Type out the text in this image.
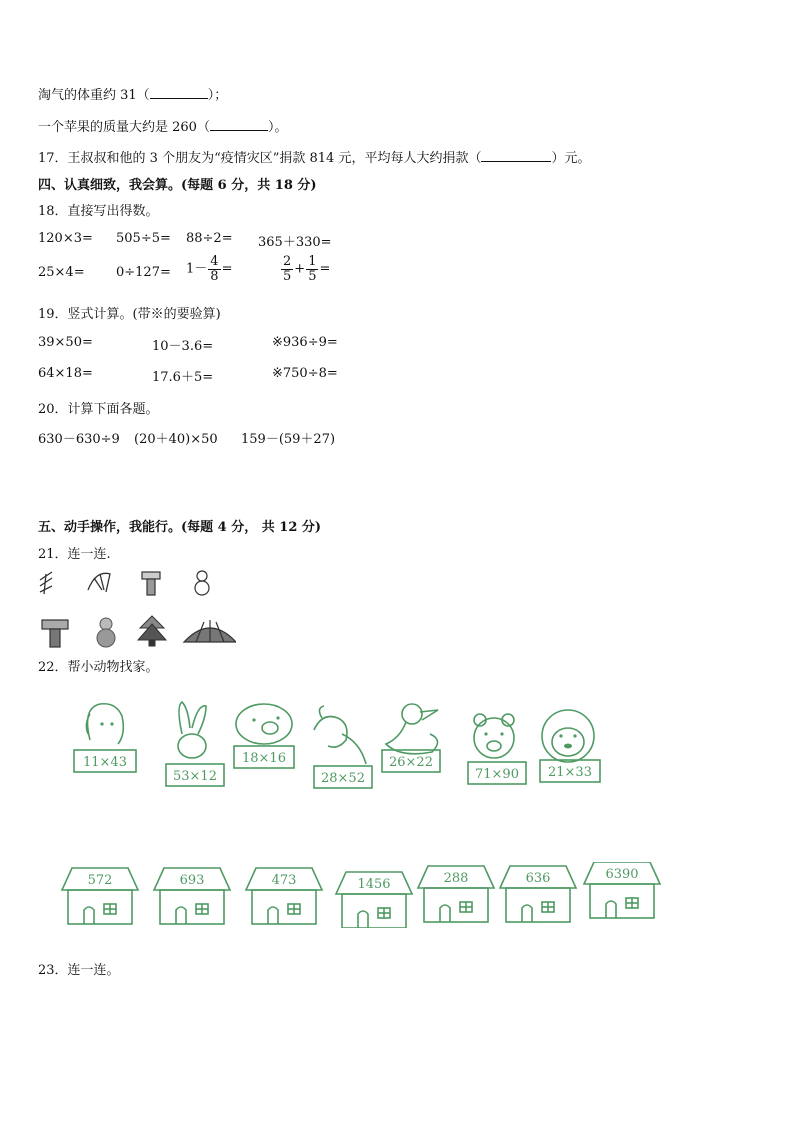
淘气的体重约 31（	）；
一个苹果的质量大约是 260（	）。
17．王叔叔和他的 3 个朋友为“疫情灾区”捐款 814 元，平均每人大约捐款（	）元。
四、认真细致，我会算。(每题 6 分，共 18 分)
18．直接写出得数。
120×3= 505÷5= 88÷2= 365＋330=
$25\times 4= 0\div 127= 1- \frac{4}{8}$ =	$\frac{2}{5} + \frac{1}{5}$ =
19．竖式计算。(带※的要验算)
39×50=	10－3.6=	※936÷9=
64×18=	17.6＋5=	※750÷8=
20．计算下面各题。
630－630÷9 (20＋40)×50 159－(59＋27)
五、动手操作，我能行。(每题 4 分， 共 12 分)
21．连一连.
22．帮小动物找家。
11×43
53×12
18×16
28×52
26×22
71×90 21×33
572	693	473	1456	288	636	6390
23．连一连。
